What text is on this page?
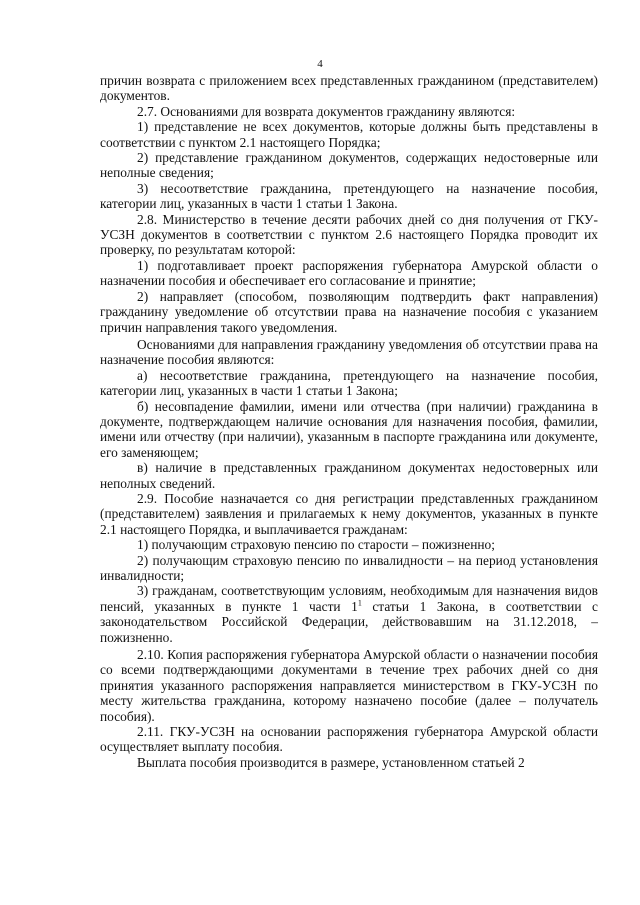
4

причин возврата с приложением всех представленных гражданином (представителем) документов.

2.7. Основаниями для возврата документов гражданину являются:

1) представление не всех документов, которые должны быть представлены в соответствии с пунктом 2.1 настоящего Порядка;

2) представление гражданином документов, содержащих недостоверные или неполные сведения;

3) несоответствие гражданина, претендующего на назначение пособия, категории лиц, указанных в части 1 статьи 1 Закона.

2.8. Министерство в течение десяти рабочих дней со дня получения от ГКУ-УСЗН документов в соответствии с пунктом 2.6 настоящего Порядка проводит их проверку, по результатам которой:

1) подготавливает проект распоряжения губернатора Амурской области о назначении пособия и обеспечивает его согласование и принятие;

2) направляет (способом, позволяющим подтвердить факт направления) гражданину уведомление об отсутствии права на назначение пособия с указанием причин направления такого уведомления.

Основаниями для направления гражданину уведомления об отсутствии права на назначение пособия являются:

а) несоответствие гражданина, претендующего на назначение пособия, категории лиц, указанных в части 1 статьи 1 Закона;

б) несовпадение фамилии, имени или отчества (при наличии) гражданина в документе, подтверждающем наличие основания для назначения пособия, фамилии, имени или отчеству (при наличии), указанным в паспорте гражданина или документе, его заменяющем;

в) наличие в представленных гражданином документах недостоверных или неполных сведений.

2.9. Пособие назначается со дня регистрации представленных гражданином (представителем) заявления и прилагаемых к нему документов, указанных в пункте 2.1 настоящего Порядка, и выплачивается гражданам:

1) получающим страховую пенсию по старости – пожизненно;

2) получающим страховую пенсию по инвалидности – на период установления инвалидности;

3) гражданам, соответствующим условиям, необходимым для назначения видов пенсий, указанных в пункте 1 части $1^1$ статьи 1 Закона, в соответствии с законодательством Российской Федерации, действовавшим на 31.12.2018, – пожизненно.

2.10. Копия распоряжения губернатора Амурской области о назначении пособия со всеми подтверждающими документами в течение трех рабочих дней со дня принятия указанного распоряжения направляется министерством в ГКУ-УСЗН по месту жительства гражданина, которому назначено пособие (далее – получатель пособия).

2.11. ГКУ-УСЗН на основании распоряжения губернатора Амурской области осуществляет выплату пособия.

Выплата пособия производится в размере, установленном статьей 2
